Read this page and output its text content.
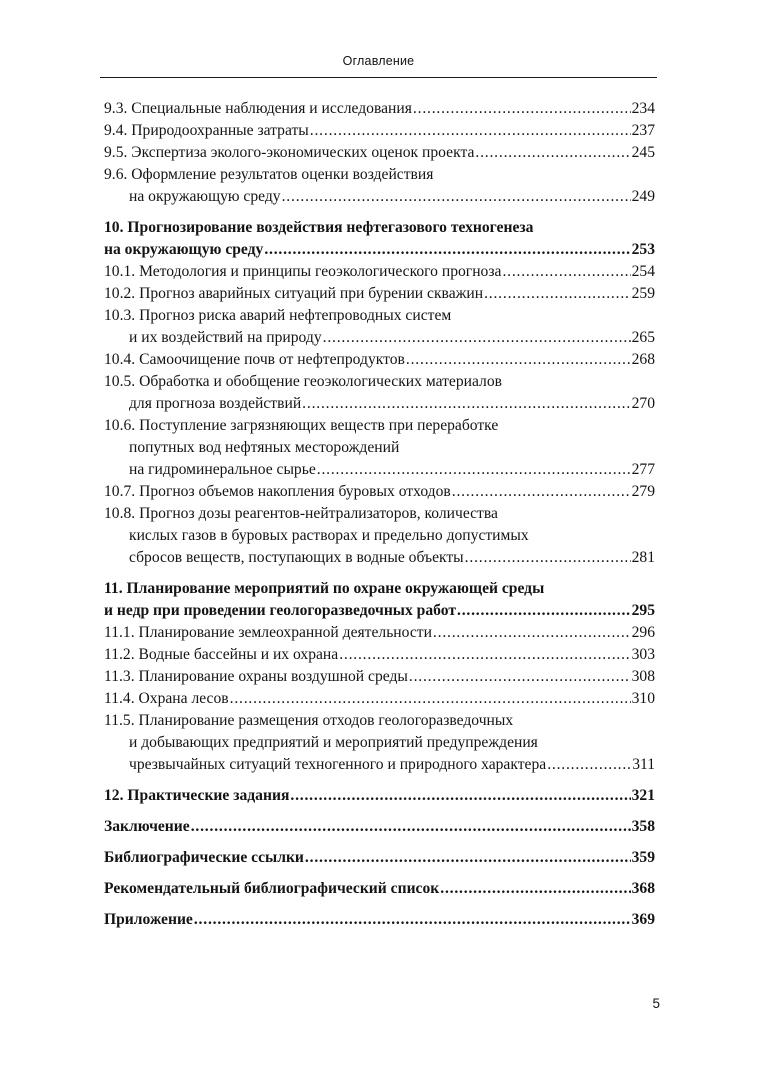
Оглавление
9.3. Специальные наблюдения и исследования .....	234
9.4. Природоохранные затраты .....	237
9.5. Экспертиза эколого-экономических оценок проекта .....	245
9.6. Оформление результатов оценки воздействия
на окружающую среду .....	249
10. Прогнозирование воздействия нефтегазового техногенеза
на окружающую среду .....	253
10.1. Методология и принципы геоэкологического прогноза .....	254
10.2. Прогноз аварийных ситуаций при бурении скважин .....	259
10.3. Прогноз риска аварий нефтепроводных систем
и их воздействий на природу .....	265
10.4. Самоочищение почв от нефтепродуктов .....	268
10.5. Обработка и обобщение геоэкологических материалов
для прогноза воздействий .....	270
10.6. Поступление загрязняющих веществ при переработке
попутных вод нефтяных месторождений
на гидроминеральное сырье .....	277
10.7. Прогноз объемов накопления буровых отходов .....	279
10.8. Прогноз дозы реагентов-нейтрализаторов, количества
кислых газов в буровых растворах и предельно допустимых
сбросов веществ, поступающих в водные объекты .....	281
11. Планирование мероприятий по охране окружающей среды
и недр при проведении геологоразведочных работ .....	295
11.1. Планирование землеохранной деятельности .....	296
11.2. Водные бассейны и их охрана .....	303
11.3. Планирование охраны воздушной среды .....	308
11.4. Охрана лесов .....	310
11.5. Планирование размещения отходов геологоразведочных
и добывающих предприятий и мероприятий предупреждения
чрезвычайных ситуаций техногенного и природного характера .....	311
12. Практические задания .....	321
Заключение .....	358
Библиографические ссылки .....	359
Рекомендательный библиографический список .....	368
Приложение .....	369
5
